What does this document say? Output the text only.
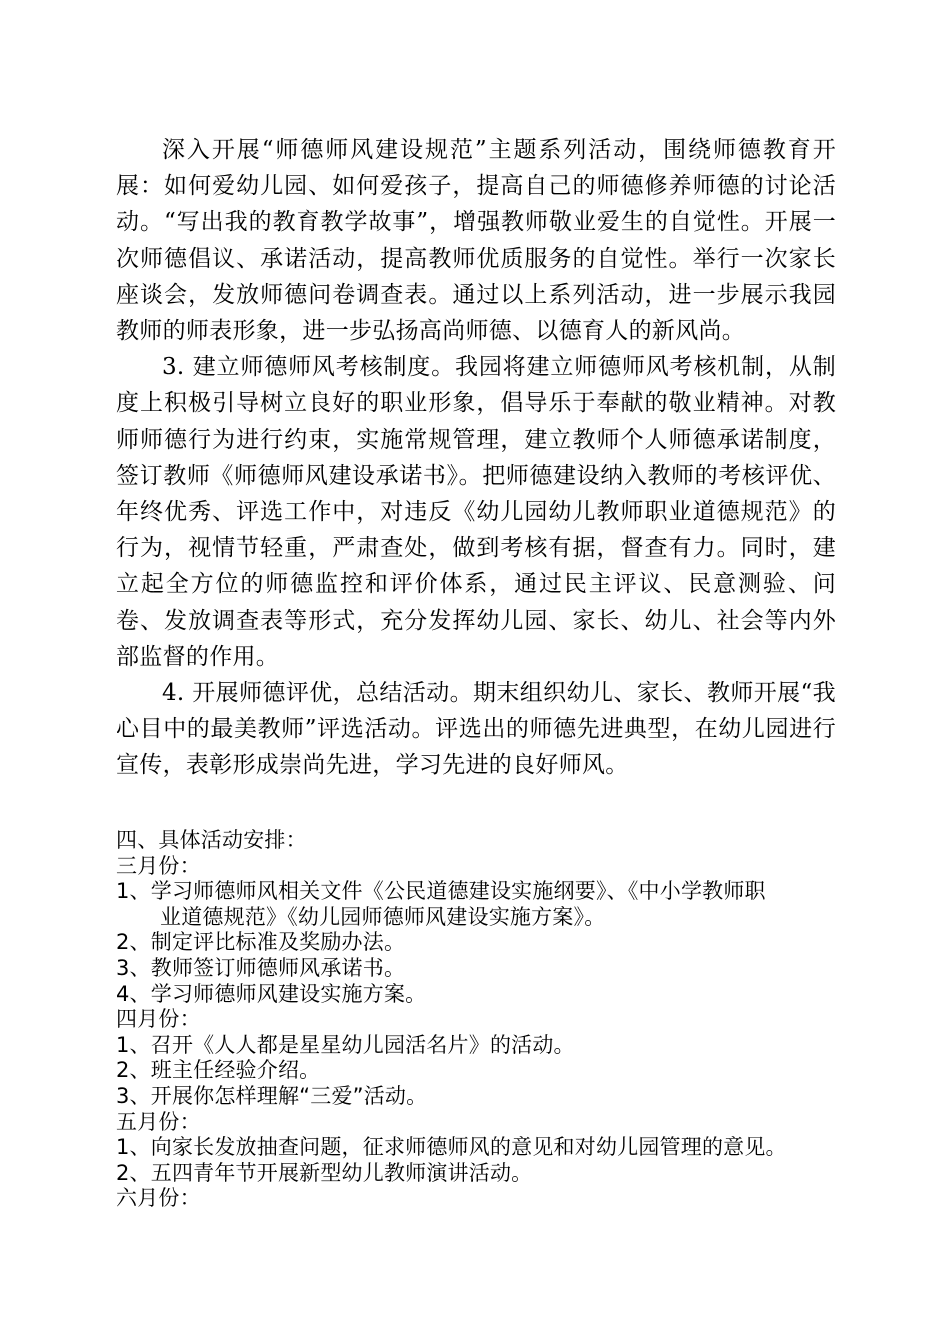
深入开展“师德师风建设规范”主题系列活动，围绕师德教育开展：如何爱幼儿园、如何爱孩子，提高自己的师德修养师德的讨论活动。“写出我的教育教学故事”，增强教师敬业爱生的自觉性。开展一次师德倡议、承诺活动，提高教师优质服务的自觉性。举行一次家长座谈会，发放师德问卷调查表。通过以上系列活动，进一步展示我园教师的师表形象，进一步弘扬高尚师德、以德育人的新风尚。

3. 建立师德师风考核制度。我园将建立师德师风考核机制，从制度上积极引导树立良好的职业形象，倡导乐于奉献的敬业精神。对教师师德行为进行约束，实施常规管理，建立教师个人师德承诺制度，签订教师《师德师风建设承诺书》。把师德建设纳入教师的考核评优、年终优秀、评选工作中，对违反《幼儿园幼儿教师职业道德规范》的行为，视情节轻重，严肃查处，做到考核有据，督查有力。同时，建立起全方位的师德监控和评价体系，通过民主评议、民意测验、问卷、发放调查表等形式，充分发挥幼儿园、家长、幼儿、社会等内外部监督的作用。

4. 开展师德评优，总结活动。期末组织幼儿、家长、教师开展“我心目中的最美教师”评选活动。评选出的师德先进典型，在幼儿园进行宣传，表彰形成崇尚先进，学习先进的良好师风。

四、具体活动安排：
三月份：
1、学习师德师风相关文件《公民道德建设实施纲要》、《中小学教师职
业道德规范》《幼儿园师德师风建设实施方案》。
2、制定评比标准及奖励办法。
3、教师签订师德师风承诺书。
4、学习师德师风建设实施方案。
四月份：
1、召开《人人都是星星幼儿园活名片》的活动。
2、班主任经验介绍。
3、开展你怎样理解“三爱”活动。
五月份：
1、向家长发放抽查问题，征求师德师风的意见和对幼儿园管理的意见。
2、五四青年节开展新型幼儿教师演讲活动。
六月份：
